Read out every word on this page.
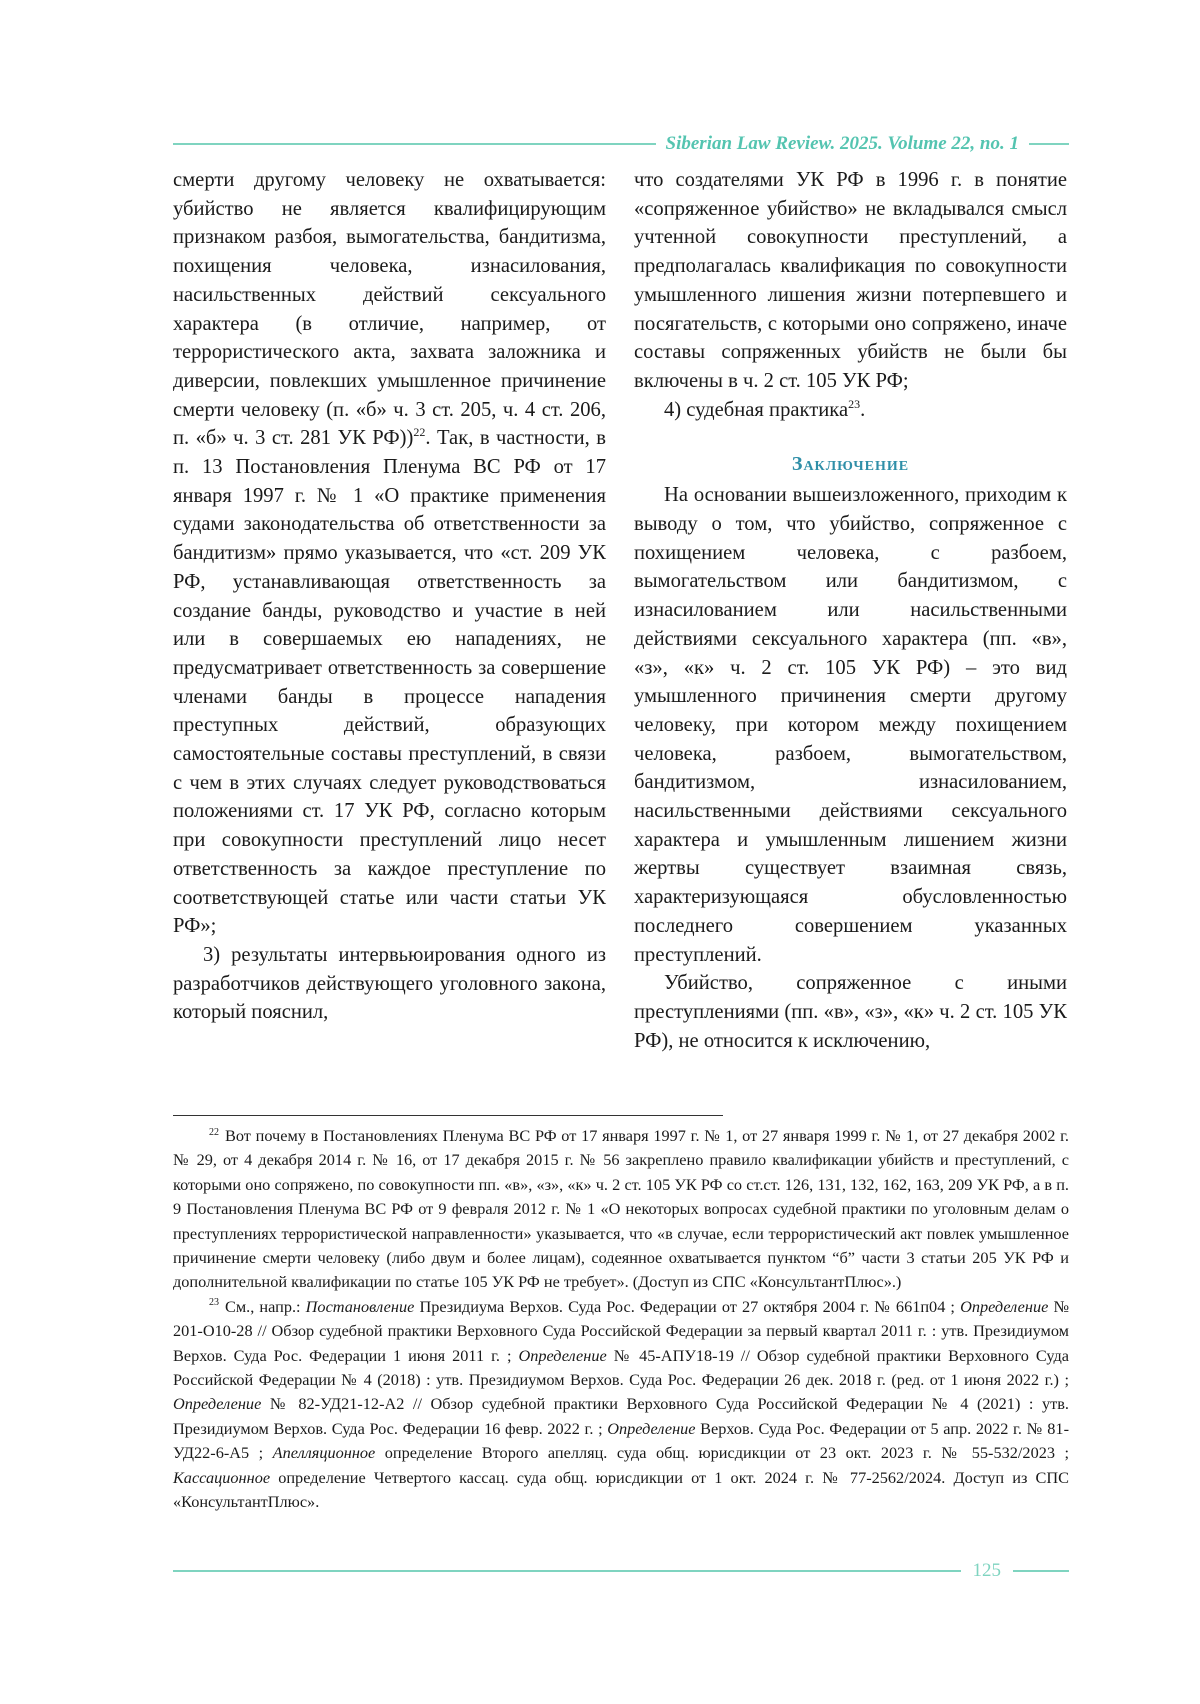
Siberian Law Review. 2025. Volume 22, no. 1

смерти другому человеку не охватывается: убийство не является квалифицирующим признаком разбоя, вымогательства, бандитизма, похищения человека, изнасилования, насильственных действий сексуального характера (в отличие, например, от террористического акта, захвата заложника и диверсии, повлекших умышленное причинение смерти человеку (п. «б» ч. 3 ст. 205, ч. 4 ст. 206, п. «б» ч. 3 ст. 281 УК РФ))$^{22}$. Так, в частности, в п. 13 Постановления Пленума ВС РФ от 17 января 1997 г. № 1 «О практике применения судами законодательства об ответственности за бандитизм» прямо указывается, что «ст. 209 УК РФ, устанавливающая ответственность за создание банды, руководство и участие в ней или в совершаемых ею нападениях, не предусматривает ответственность за совершение членами банды в процессе нападения преступных действий, образующих самостоятельные составы преступлений, в связи с чем в этих случаях следует руководствоваться положениями ст. 17 УК РФ, согласно которым при совокупности преступлений лицо несет ответственность за каждое преступление по соответствующей статье или части статьи УК РФ»;

3) результаты интервьюирования одного из разработчиков действующего уголовного закона, который пояснил,

что создателями УК РФ в 1996 г. в понятие «сопряженное убийство» не вкладывался смысл учтенной совокупности преступлений, а предполагалась квалификация по совокупности умышленного лишения жизни потерпевшего и посягательств, с которыми оно сопряжено, иначе составы сопряженных убийств не были бы включены в ч. 2 ст. 105 УК РФ;

4) судебная практика$^{23}$.

Заключение

На основании вышеизложенного, приходим к выводу о том, что убийство, сопряженное с похищением человека, с разбоем, вымогательством или бандитизмом, с изнасилованием или насильственными действиями сексуального характера (пп. «в», «з», «к» ч. 2 ст. 105 УК РФ) – это вид умышленного причинения смерти другому человеку, при котором между похищением человека, разбоем, вымогательством, бандитизмом, изнасилованием, насильственными действиями сексуального характера и умышленным лишением жизни жертвы существует взаимная связь, характеризующаяся обусловленностью последнего совершением указанных преступлений.

Убийство, сопряженное с иными преступлениями (пп. «в», «з», «к» ч. 2 ст. 105 УК РФ), не относится к исключению,

$^{22}$ Вот почему в Постановлениях Пленума ВС РФ от 17 января 1997 г. № 1, от 27 января 1999 г. № 1, от 27 декабря 2002 г. № 29, от 4 декабря 2014 г. № 16, от 17 декабря 2015 г. № 56 закреплено правило квалификации убийств и преступлений, с которыми оно сопряжено, по совокупности пп. «в», «з», «к» ч. 2 ст. 105 УК РФ со ст.ст. 126, 131, 132, 162, 163, 209 УК РФ, а в п. 9 Постановления Пленума ВС РФ от 9 февраля 2012 г. № 1 «О некоторых вопросах судебной практики по уголовным делам о преступлениях террористической направленности» указывается, что «в случае, если террористический акт повлек умышленное причинение смерти человеку (либо двум и более лицам), содеянное охватывается пунктом “б” части 3 статьи 205 УК РФ и дополнительной квалификации по статье 105 УК РФ не требует». (Доступ из СПС «КонсультантПлюс».)

$^{23}$ См., напр.: Постановление Президиума Верхов. Суда Рос. Федерации от 27 октября 2004 г. № 661п04 ; Определение № 201-О10-28 // Обзор судебной практики Верховного Суда Российской Федерации за первый квартал 2011 г. : утв. Президиумом Верхов. Суда Рос. Федерации 1 июня 2011 г. ; Определение № 45-АПУ18-19 // Обзор судебной практики Верховного Суда Российской Федерации № 4 (2018) : утв. Президиумом Верхов. Суда Рос. Федерации 26 дек. 2018 г. (ред. от 1 июня 2022 г.) ; Определение № 82-УД21-12-А2 // Обзор судебной практики Верховного Суда Российской Федерации № 4 (2021) : утв. Президиумом Верхов. Суда Рос. Федерации 16 февр. 2022 г. ; Определение Верхов. Суда Рос. Федерации от 5 апр. 2022 г. № 81-УД22-6-А5 ; Апелляционное определение Второго апелляц. суда общ. юрисдикции от 23 окт. 2023 г. № 55-532/2023 ; Кассационное определение Четвертого кассац. суда общ. юрисдикции от 1 окт. 2024 г. № 77-2562/2024. Доступ из СПС «КонсультантПлюс».

125
